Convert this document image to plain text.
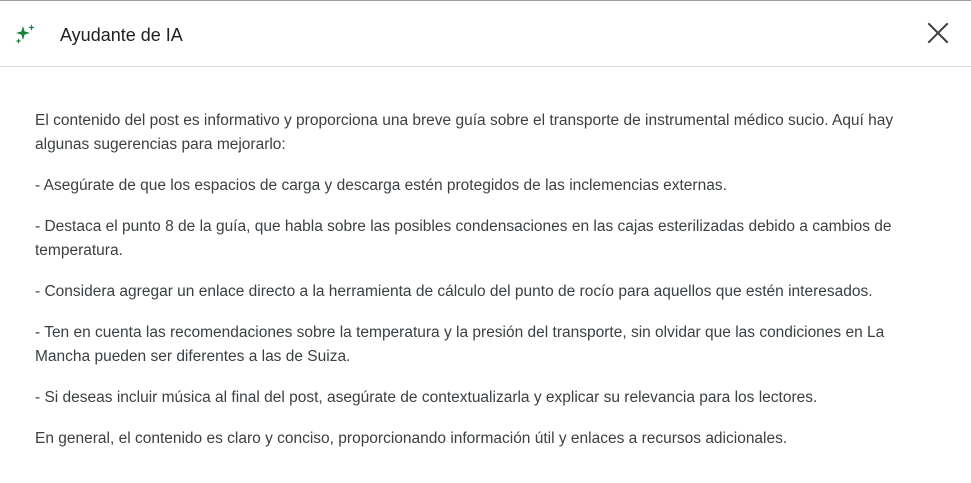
Ayudante de IA

El contenido del post es informativo y proporciona una breve guía sobre el transporte de instrumental médico sucio. Aquí hay algunas sugerencias para mejorarlo:

- Asegúrate de que los espacios de carga y descarga estén protegidos de las inclemencias externas.

- Destaca el punto 8 de la guía, que habla sobre las posibles condensaciones en las cajas esterilizadas debido a cambios de temperatura.

- Considera agregar un enlace directo a la herramienta de cálculo del punto de rocío para aquellos que estén interesados.

- Ten en cuenta las recomendaciones sobre la temperatura y la presión del transporte, sin olvidar que las condiciones en La Mancha pueden ser diferentes a las de Suiza.

- Si deseas incluir música al final del post, asegúrate de contextualizarla y explicar su relevancia para los lectores.

En general, el contenido es claro y conciso, proporcionando información útil y enlaces a recursos adicionales.
